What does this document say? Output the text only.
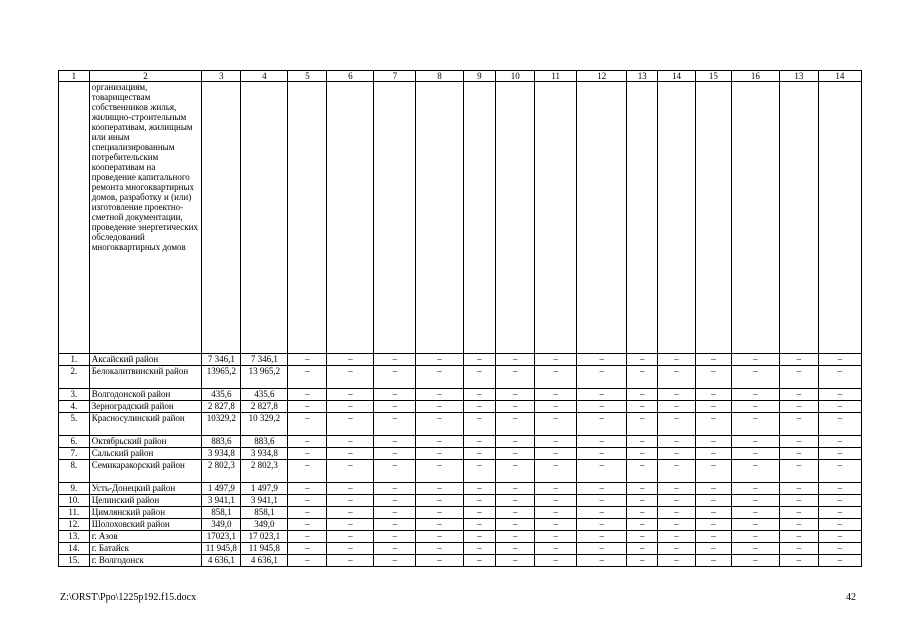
1	2	3	4	5	6	7	8	9	10	11	12	13	14	15	16	13	14
	организациям, товариществам собственников жилья, жилищно-строительным кооперативам, жилищным или иным специализированным потребительским кооперативам на проведение капитального ремонта многоквартирных домов, разработку и (или) изготовление проектно-сметной документации, проведение энергетических обследований многоквартирных домов																
1.	Аксайский район	7 346,1	7 346,1	–	–	–	–	–	–	–	–	–	–	–	–	–	–
2.	Белокалитвинский район	13965,2	13 965,2	–	–	–	–	–	–	–	–	–	–	–	–	–	–
3.	Волгодонской район	435,6	435,6	–	–	–	–	–	–	–	–	–	–	–	–	–	–
4.	Зерноградский район	2 827,8	2 827,8	–	–	–	–	–	–	–	–	–	–	–	–	–	–
5.	Красносулинский район	10329,2	10 329,2	–	–	–	–	–	–	–	–	–	–	–	–	–	–
6.	Октябрьский район	883,6	883,6	–	–	–	–	–	–	–	–	–	–	–	–	–	–
7.	Сальский район	3 934,8	3 934,8	–	–	–	–	–	–	–	–	–	–	–	–	–	–
8.	Семикаракорский район	2 802,3	2 802,3	–	–	–	–	–	–	–	–	–	–	–	–	–	–
9.	Усть-Донецкий район	1 497,9	1 497,9	–	–	–	–	–	–	–	–	–	–	–	–	–	–
10.	Целинский район	3 941,1	3 941,1	–	–	–	–	–	–	–	–	–	–	–	–	–	–
11.	Цимлянский район	858,1	858,1	–	–	–	–	–	–	–	–	–	–	–	–	–	–
12.	Шолоховский район	349,0	349,0	–	–	–	–	–	–	–	–	–	–	–	–	–	–
13.	г. Азов	17023,1	17 023,1	–	–	–	–	–	–	–	–	–	–	–	–	–	–
14.	г. Батайск	11 945,8	11 945,8	–	–	–	–	–	–	–	–	–	–	–	–	–	–
15.	г. Волгодонск	4 636,1	4 636,1	–	–	–	–	–	–	–	–	–	–	–	–	–	–
Z:\ORST\Ppo\1225p192.f15.docx	42
